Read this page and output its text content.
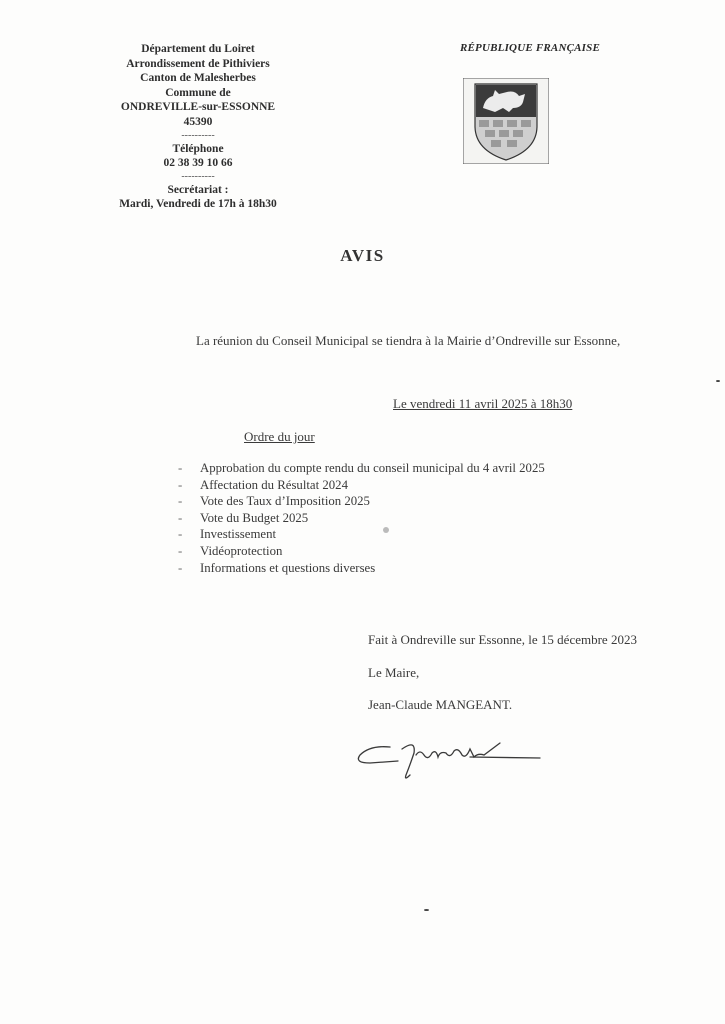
Département du Loiret
Arrondissement de Pithiviers
Canton de Malesherbes
Commune de
ONDREVILLE-sur-ESSONNE
45390
----------
Téléphone
02 38 39 10 66
----------
Secrétariat :
Mardi, Vendredi de 17h à 18h30
RÉPUBLIQUE FRANÇAISE
AVIS
La réunion du Conseil Municipal se tiendra à la Mairie d’Ondreville sur Essonne,
Le vendredi 11 avril 2025 à 18h30
Ordre du jour
-	Approbation du compte rendu du conseil municipal du 4 avril 2025
-	Affectation du Résultat 2024
-	Vote des Taux d’Imposition 2025
-	Vote du Budget 2025
-	Investissement
-	Vidéoprotection
-	Informations et questions diverses
Fait à Ondreville sur Essonne, le 15 décembre 2023
Le Maire,
Jean-Claude MANGEANT.
